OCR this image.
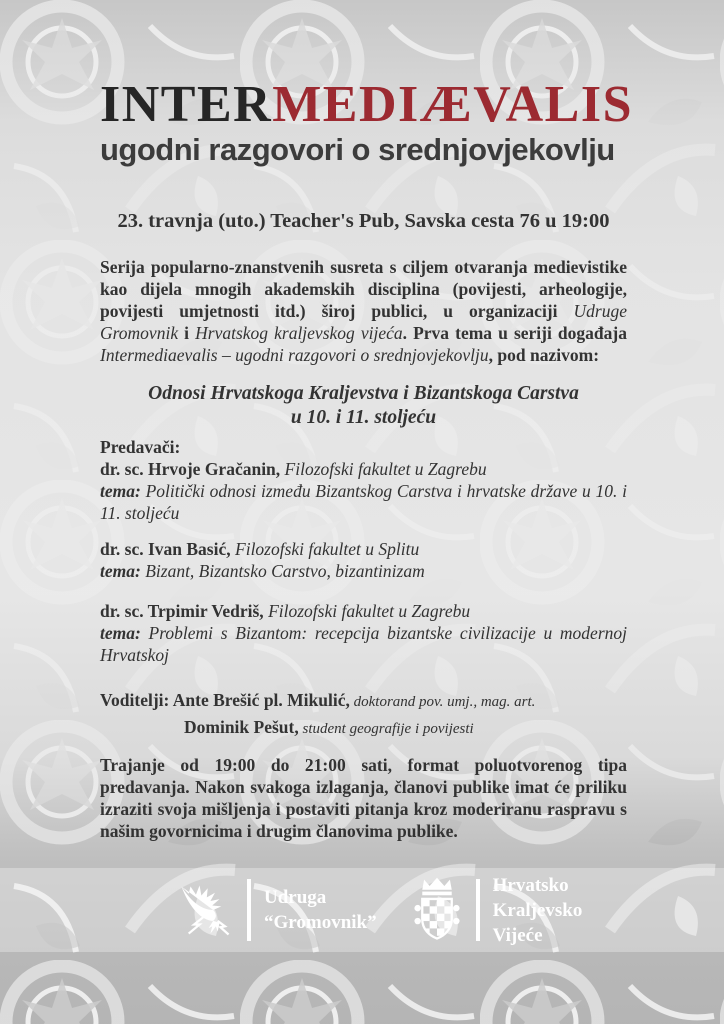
INTERMEDIÆVALIS

ugodni razgovori o srednjovjekovlju

23. travnja (uto.) Teacher's Pub, Savska cesta 76 u 19:00

Serija popularno-znanstvenih susreta s ciljem otvaranja medievistike kao dijela mnogih akademskih disciplina (povijesti, arheologije, povijesti umjetnosti itd.) široj publici, u organizaciji Udruge Gromovnik i Hrvatskog kraljevskog vijeća. Prva tema u seriji događaja Intermediaevalis – ugodni razgovori o srednjovjekovlju, pod nazivom:

Odnosi Hrvatskoga Kraljevstva i Bizantskoga Carstva
u 10. i 11. stoljeću

Predavači:

dr. sc. Hrvoje Gračanin, Filozofski fakultet u Zagrebu

tema: Politički odnosi između Bizantskog Carstva i hrvatske države u 10. i 11. stoljeću

dr. sc. Ivan Basić, Filozofski fakultet u Splitu

tema: Bizant, Bizantsko Carstvo, bizantinizam

dr. sc. Trpimir Vedriš, Filozofski fakultet u Zagrebu

tema: Problemi s Bizantom: recepcija bizantske civilizacije u modernoj Hrvatskoj

Voditelji: Ante Brešić pl. Mikulić, doktorand pov. umj., mag. art.

Dominik Pešut, student geografije i povijesti

Trajanje od 19:00 do 21:00 sati, format poluotvorenog tipa predavanja. Nakon svakoga izlaganja, članovi publike imat će priliku izraziti svoja mišljenja i postaviti pitanja kroz moderiranu raspravu s našim govornicima i drugim članovima publike.

Udruga
“Gromovnik”
Hrvatsko
Kraljevsko
Vijeće
